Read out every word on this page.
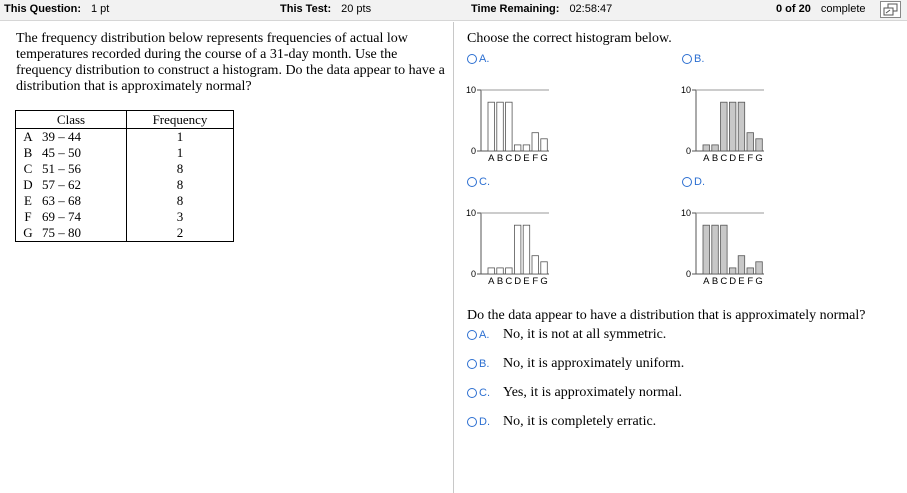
This Question: 1 pt	This Test: 20 pts	Time Remaining: 02:58:47	0 of 20 complete
The frequency distribution below represents frequencies of actual low temperatures recorded during the course of a 31-day month. Use the frequency distribution to construct a histogram. Do the data appear to have a distribution that is approximately normal?
Class		Frequency
A	39 – 44	1
B	45 – 50	1
C	51 – 56	8
D	57 – 62	8
E	63 – 68	8
F	69 – 74	3
G	75 – 80	2
Choose the correct histogram below.
A.	B.
C.	D.
10
0
A B C D E F G
10
0
A B C D E F G
10
0
A B C D E F G
10
0
A B C D E F G
Do the data appear to have a distribution that is approximately normal?
A. No, it is not at all symmetric.
B. No, it is approximately uniform.
C. Yes, it is approximately normal.
D. No, it is completely erratic.
